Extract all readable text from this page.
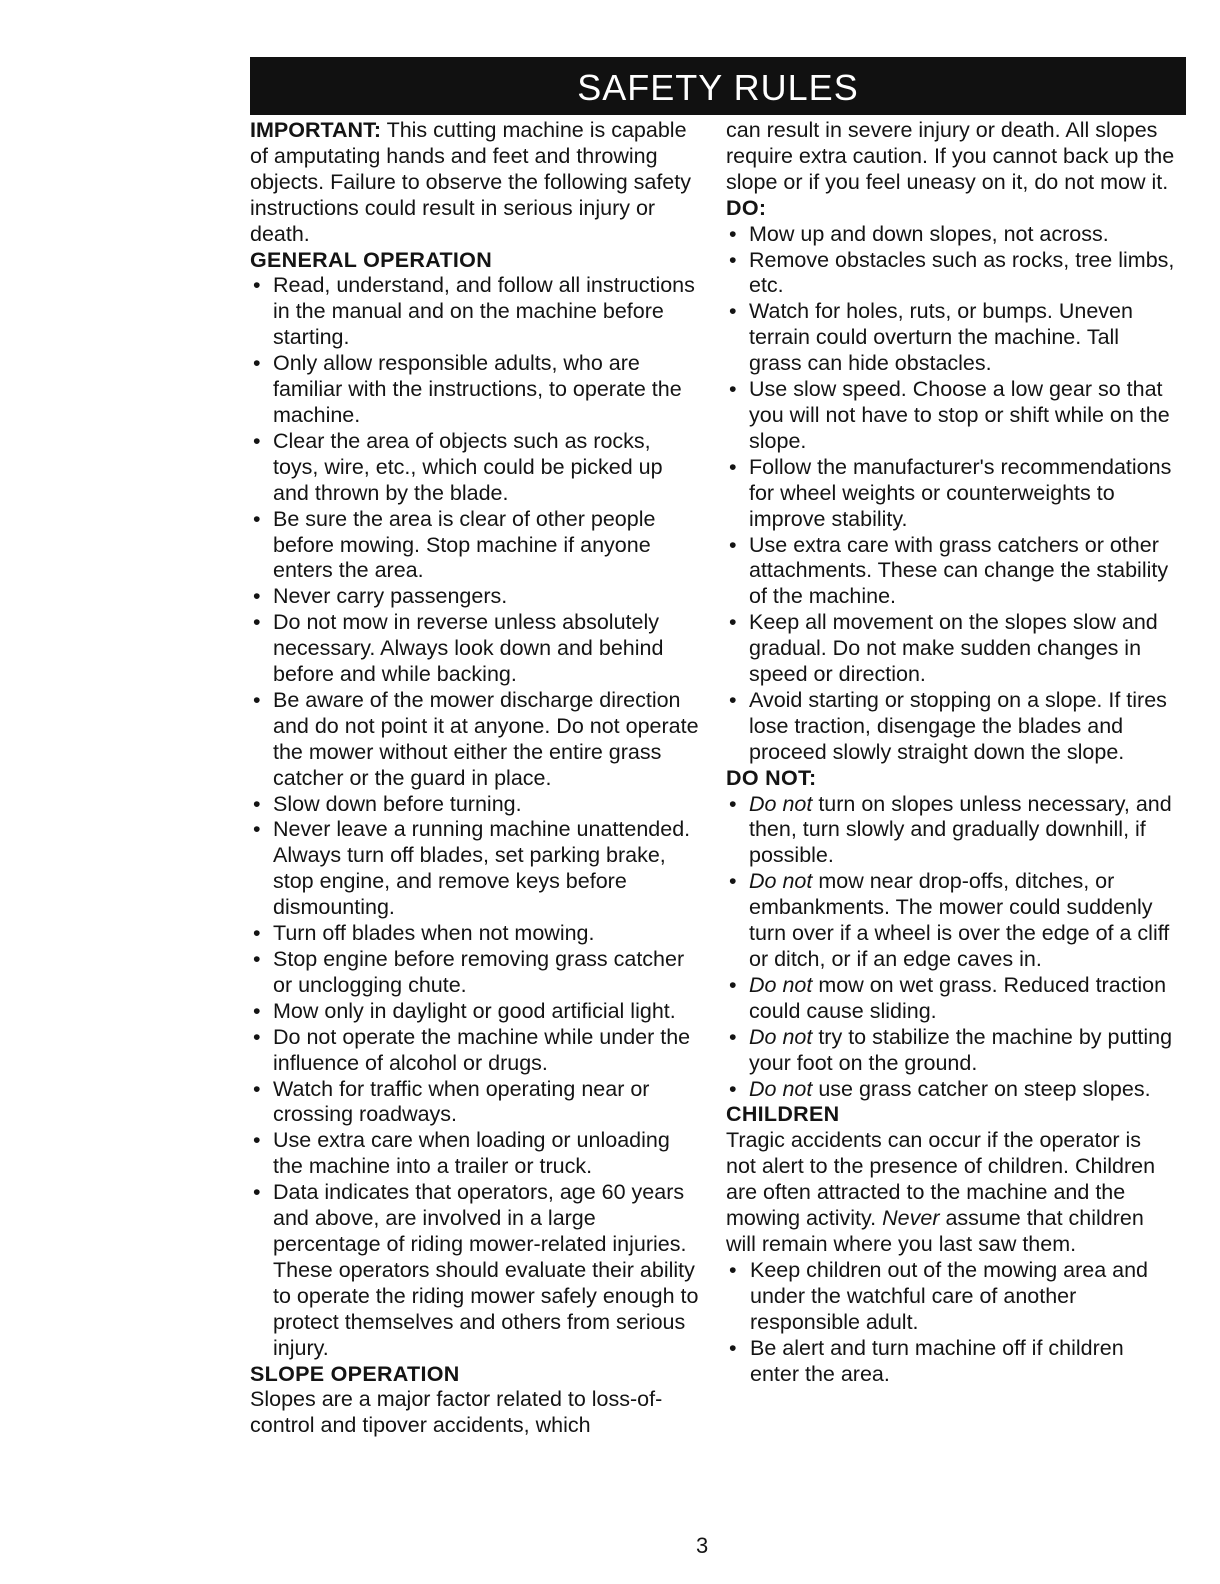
SAFETY RULES

IMPORTANT: This cutting machine is capable of amputating hands and feet and throwing objects. Failure to observe the following safety instructions could result in serious injury or death.

GENERAL OPERATION

• Read, understand, and follow all instructions in the manual and on the machine before starting.
• Only allow responsible adults, who are familiar with the instructions, to operate the machine.
• Clear the area of objects such as rocks, toys, wire, etc., which could be picked up and thrown by the blade.
• Be sure the area is clear of other people before mowing. Stop machine if anyone enters the area.
• Never carry passengers.
• Do not mow in reverse unless absolutely necessary. Always look down and behind before and while backing.
• Be aware of the mower discharge direction and do not point it at anyone. Do not operate the mower without either the entire grass catcher or the guard in place.
• Slow down before turning.
• Never leave a running machine unattended. Always turn off blades, set parking brake, stop engine, and remove keys before dismounting.
• Turn off blades when not mowing.
• Stop engine before removing grass catcher or unclogging chute.
• Mow only in daylight or good artificial light.
• Do not operate the machine while under the influence of alcohol or drugs.
• Watch for traffic when operating near or crossing roadways.
• Use extra care when loading or unloading the machine into a trailer or truck.
• Data indicates that operators, age 60 years and above, are involved in a large percentage of riding mower-related injuries. These operators should evaluate their ability to operate the riding mower safely enough to protect themselves and others from serious injury.

SLOPE OPERATION

Slopes are a major factor related to loss-of-control and tipover accidents, which

can result in severe injury or death. All slopes require extra caution. If you cannot back up the slope or if you feel uneasy on it, do not mow it.

DO:

• Mow up and down slopes, not across.
• Remove obstacles such as rocks, tree limbs, etc.
• Watch for holes, ruts, or bumps. Uneven terrain could overturn the machine. Tall grass can hide obstacles.
• Use slow speed. Choose a low gear so that you will not have to stop or shift while on the slope.
• Follow the manufacturer's recommendations for wheel weights or counterweights to improve stability.
• Use extra care with grass catchers or other attachments. These can change the stability of the machine.
• Keep all movement on the slopes slow and gradual. Do not make sudden changes in speed or direction.
• Avoid starting or stopping on a slope. If tires lose traction, disengage the blades and proceed slowly straight down the slope.

DO NOT:

• Do not turn on slopes unless necessary, and then, turn slowly and gradually downhill, if possible.
• Do not mow near drop-offs, ditches, or embankments. The mower could suddenly turn over if a wheel is over the edge of a cliff or ditch, or if an edge caves in.
• Do not mow on wet grass. Reduced traction could cause sliding.
• Do not try to stabilize the machine by putting your foot on the ground.
• Do not use grass catcher on steep slopes.

CHILDREN

Tragic accidents can occur if the operator is not alert to the presence of children. Children are often attracted to the machine and the mowing activity. Never assume that children will remain where you last saw them.

• Keep children out of the mowing area and under the watchful care of another responsible adult.
• Be alert and turn machine off if children enter the area.
3
